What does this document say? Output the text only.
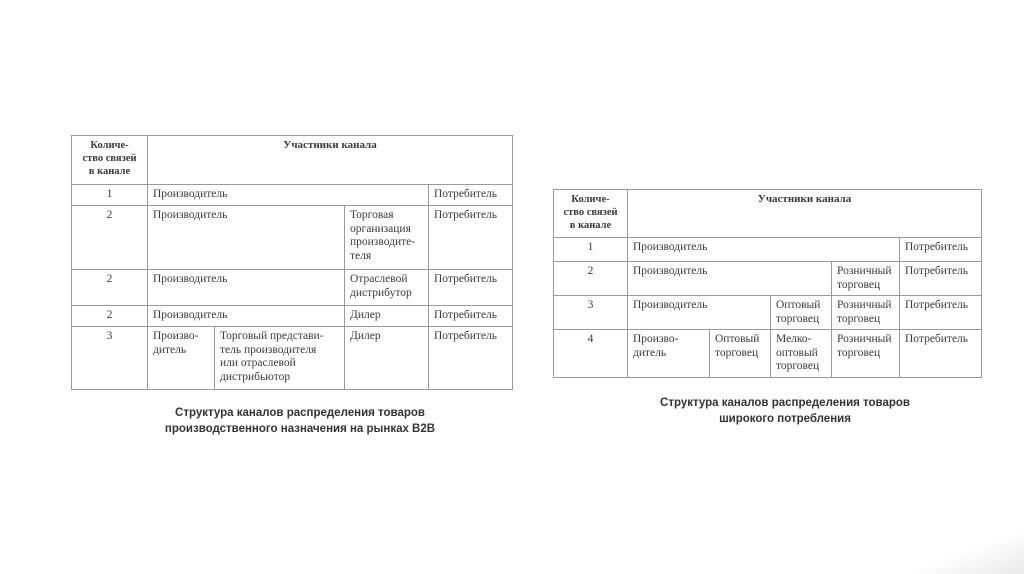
Количе-
ство связей
в канале	Участники канала			
1	Производитель			Потребитель
2	Производитель		Торговая
организация
производите-
теля	Потребитель
2	Производитель		Отраслевой
дистрибутор	Потребитель
2	Производитель		Дилер	Потребитель
3	Произво-
дитель	Торговый представи-
тель производителя
или отраслевой
дистрибьютор	Дилер	Потребитель
Структура каналов распределения товаров
производственного назначения на рынках B2B
Количе-
ство связей
в канале	Участники канала				
1	Производитель				Потребитель
2	Производитель			Розничный
торговец	Потребитель
3	Производитель		Оптовый
торговец	Розничный
торговец	Потребитель
4	Произво-
дитель	Оптовый
торговец	Мелко-
оптовый
торговец	Розничный
торговец	Потребитель
Структура каналов распределения товаров
широкого потребления
